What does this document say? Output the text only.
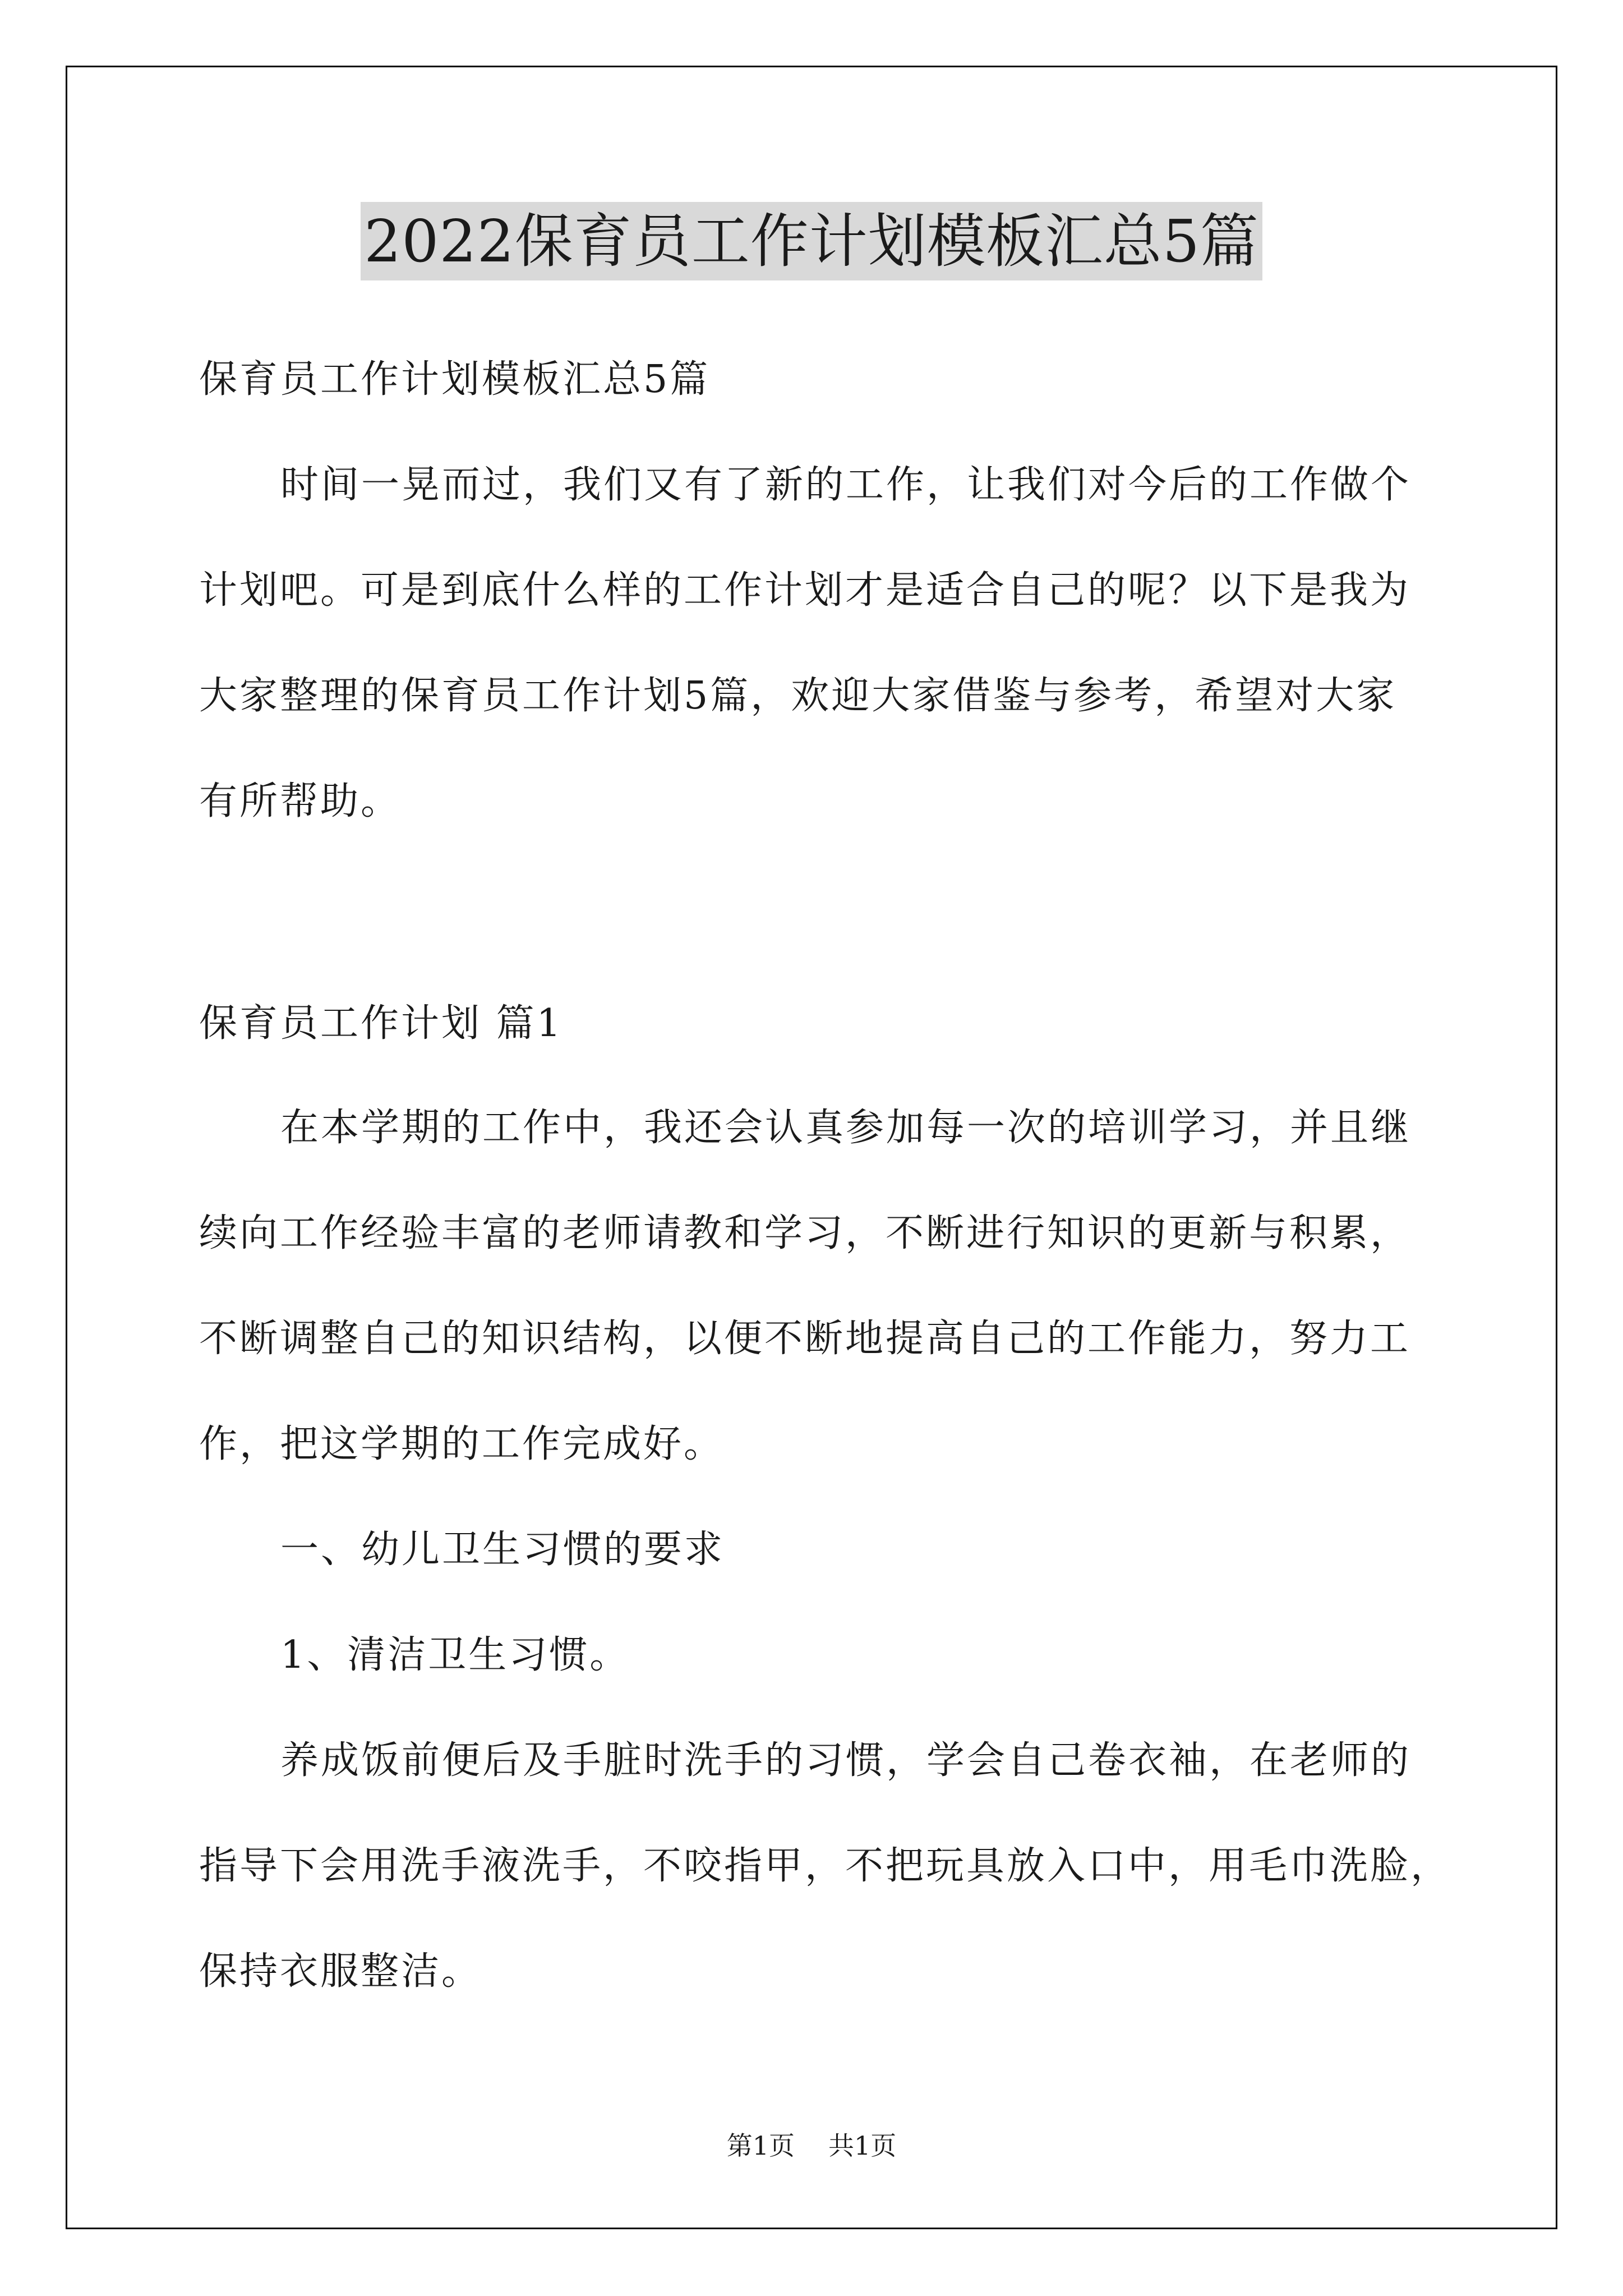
2022保育员工作计划模板汇总5篇
保育员工作计划模板汇总5篇
时间一晃而过，我们又有了新的工作，让我们对今后的工作做个
计划吧。可是到底什么样的工作计划才是适合自己的呢？以下是我为
大家整理的保育员工作计划5篇，欢迎大家借鉴与参考，希望对大家
有所帮助。
保育员工作计划 篇1
在本学期的工作中，我还会认真参加每一次的培训学习，并且继
续向工作经验丰富的老师请教和学习，不断进行知识的更新与积累，
不断调整自己的知识结构，以便不断地提高自己的工作能力，努力工
作，把这学期的工作完成好。
一、幼儿卫生习惯的要求
1、清洁卫生习惯。
养成饭前便后及手脏时洗手的习惯，学会自己卷衣袖，在老师的
指导下会用洗手液洗手，不咬指甲，不把玩具放入口中，用毛巾洗脸，
保持衣服整洁。
第1页 共1页
